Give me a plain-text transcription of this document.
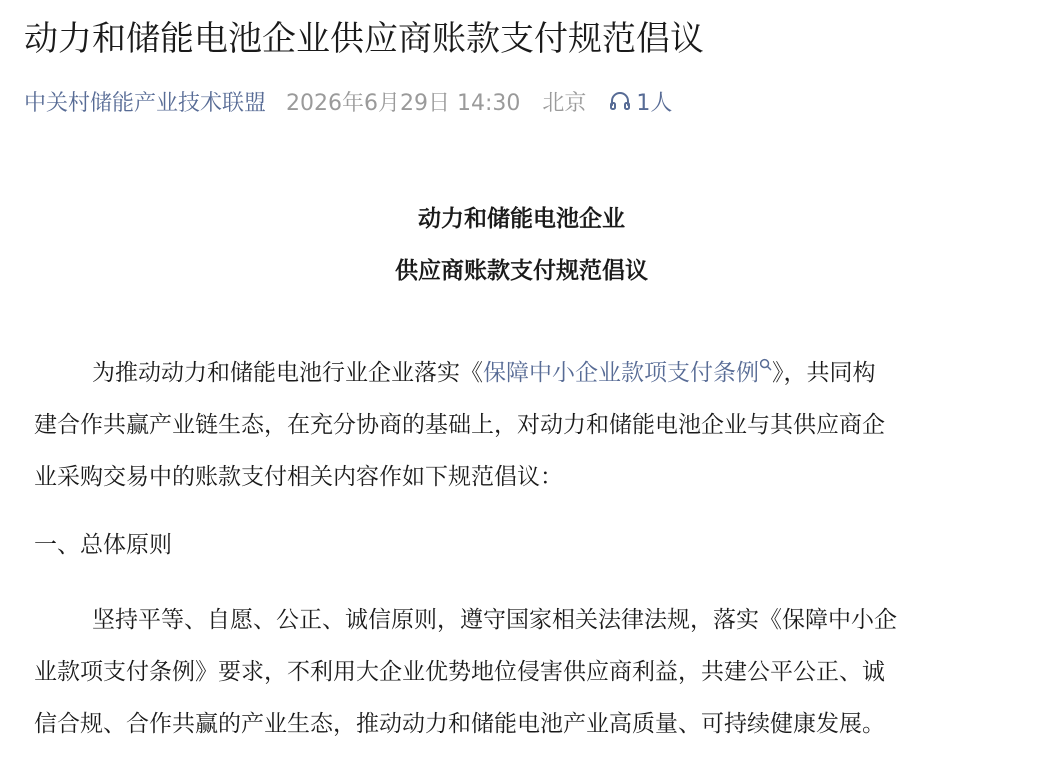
动力和储能电池企业供应商账款支付规范倡议
中关村储能产业技术联盟 2026年6月29日 14:30 北京 1人
动力和储能电池企业
供应商账款支付规范倡议
为推动动力和储能电池行业企业落实《保障中小企业款项支付条例 》，共同构
建合作共赢产业链生态，在充分协商的基础上，对动力和储能电池企业与其供应商企
业采购交易中的账款支付相关内容作如下规范倡议：
一、总体原则
坚持平等、自愿、公正、诚信原则，遵守国家相关法律法规，落实《保障中小企
业款项支付条例》要求，不利用大企业优势地位侵害供应商利益，共建公平公正、诚
信合规、合作共赢的产业生态，推动动力和储能电池产业高质量、可持续健康发展。
